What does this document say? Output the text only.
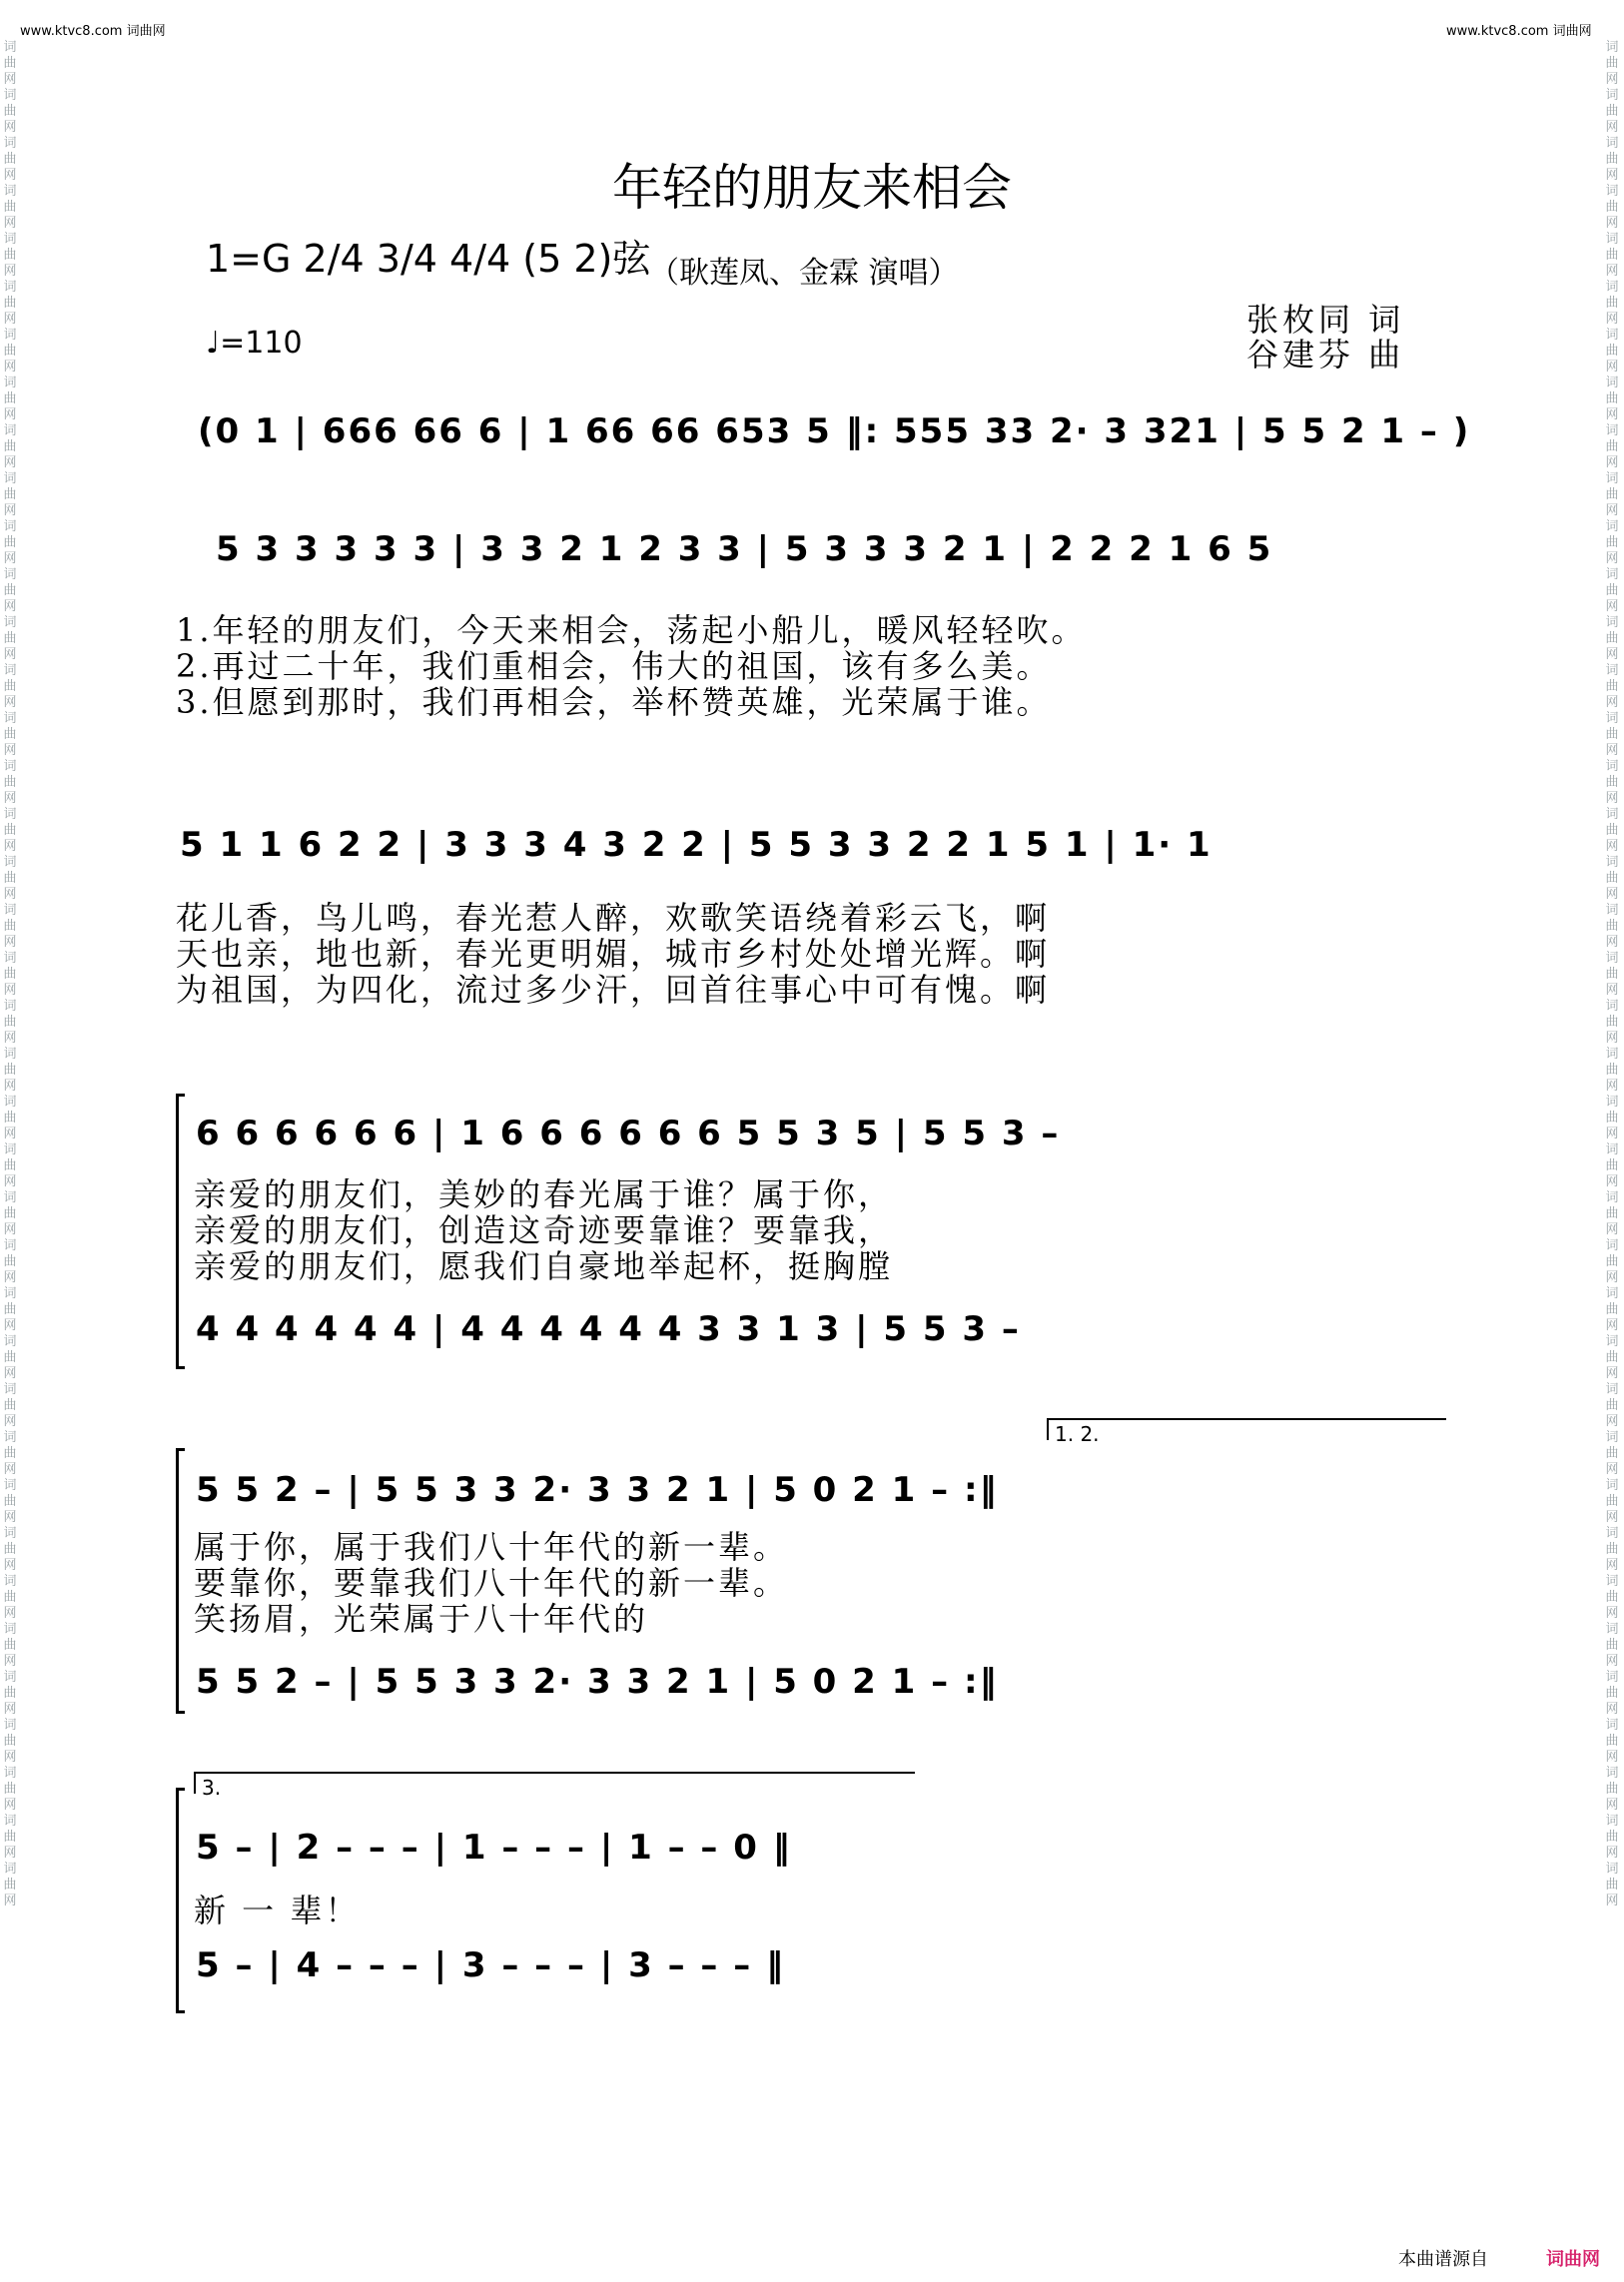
www.ktvc8.com 词曲网	www.ktvc8.com 词曲网
词曲网词曲网词曲网词曲网词曲网词曲网词曲网词曲网词曲网词曲网词曲网词曲网词曲网词曲网词曲网词曲网词曲网词曲网词曲网词曲网词曲网词曲网词曲网词曲网词曲网词曲网词曲网词曲网词曲网词曲网词曲网词曲网词曲网词曲网词曲网词曲网词曲网词曲网词曲网
词曲网词曲网词曲网词曲网词曲网词曲网词曲网词曲网词曲网词曲网词曲网词曲网词曲网词曲网词曲网词曲网词曲网词曲网词曲网词曲网词曲网词曲网词曲网词曲网词曲网词曲网词曲网词曲网词曲网词曲网词曲网词曲网词曲网词曲网词曲网词曲网词曲网词曲网词曲网
年轻的朋友来相会
1=G 2/4 3/4 4/4 (5 2)弦
（耿莲凤、金霖 演唱）
张枚同 词
谷建芬 曲
♩=110
(0 1 | 666 66 6 | 1 66 66 653 5 ‖: 555 33 2· 3 321 | 5 5 2 1 – )
5 3 3 3 3 3 | 3 3 2 1 2 3 3 | 5 3 3 3 2 1 | 2 2 2 1 6 5
1.年轻的朋友们，今天来相会，荡起小船儿，暖风轻轻吹。
2.再过二十年，我们重相会，伟大的祖国，该有多么美。
3.但愿到那时，我们再相会，举杯赞英雄，光荣属于谁。
5 1 1 6 2 2 | 3 3 3 4 3 2 2 | 5 5 3 3 2 2 1 5 1 | 1· 1
花儿香，鸟儿鸣，春光惹人醉，欢歌笑语绕着彩云飞，啊
天也亲，地也新，春光更明媚，城市乡村处处增光辉。啊
为祖国，为四化，流过多少汗，回首往事心中可有愧。啊
6 6 6 6 6 6 | 1 6 6 6 6 6 6 5 5 3 5 | 5 5 3 –
亲爱的朋友们，美妙的春光属于谁？属于你，
亲爱的朋友们，创造这奇迹要靠谁？要靠我，
亲爱的朋友们，愿我们自豪地举起杯，挺胸膛
4 4 4 4 4 4 | 4 4 4 4 4 4 3 3 1 3 | 5 5 3 –
1. 2.
5 5 2 – | 5 5 3 3 2· 3 3 2 1 | 5 0 2 1 – :‖
属于你，属于我们八十年代的新一辈。
要靠你，要靠我们八十年代的新一辈。
笑扬眉，光荣属于八十年代的
5 5 2 – | 5 5 3 3 2· 3 3 2 1 | 5 0 2 1 – :‖
3.
5 – | 2 – – – | 1 – – – | 1 – – 0 ‖
新 一 辈！
5 – | 4 – – – | 3 – – – | 3 – – – ‖
本曲谱源自	词曲网
